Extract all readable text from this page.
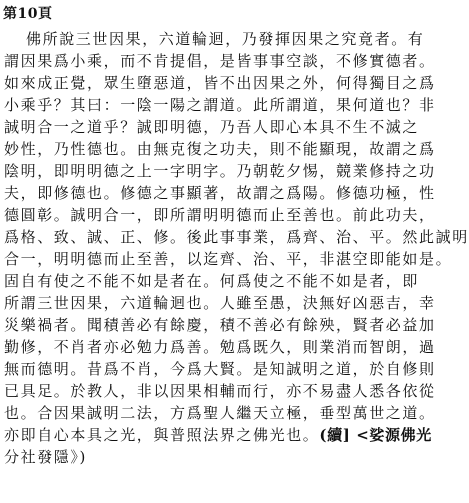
第10頁
佛所說三世因果，六道輪迴，乃發揮因果之究竟者。有
謂因果爲小乘，而不肯提倡，是皆事事空談，不修實德者。
如來成正覺，眾生墮惡道，皆不出因果之外，何得獨目之爲
小乘乎？其曰：一陰一陽之謂道。此所謂道，果何道也？非
誠明合一之道乎？誠即明德，乃吾人即心本具不生不滅之
妙性，乃性德也。由無克復之功夫，則不能顯現，故謂之爲
陰明，即明明德之上一字明字。乃朝乾夕惕，競業修持之功
夫，即修德也。修德之事顯著，故謂之爲陽。修德功極，性
德圓彰。誠明合一，即所謂明明德而止至善也。前此功夫，
爲格、致、誠、正、修。後此事事業，爲齊、治、平。然此誠明
合一，明明德而止至善，以迄齊、治、平，非湛空即能如是。
固自有使之不能不如是者在。何爲使之不能不如是者，即
所謂三世因果，六道輪迴也。人雖至愚，決無好凶惡吉，幸
災樂禍者。聞積善必有餘慶，積不善必有餘殃，賢者必益加
勤修，不肖者亦必勉力爲善。勉爲既久，則業消而智朗，過
無而德明。昔爲不肖，今爲大賢。是知誠明之道，於自修則
已具足。於教人，非以因果相輔而行，亦不易盡人悉各依從
也。合因果誠明二法，方爲聖人繼天立極，垂型萬世之道。
亦即自心本具之光，與普照法界之佛光也。(續] <娑源佛光
分社發隱》)
